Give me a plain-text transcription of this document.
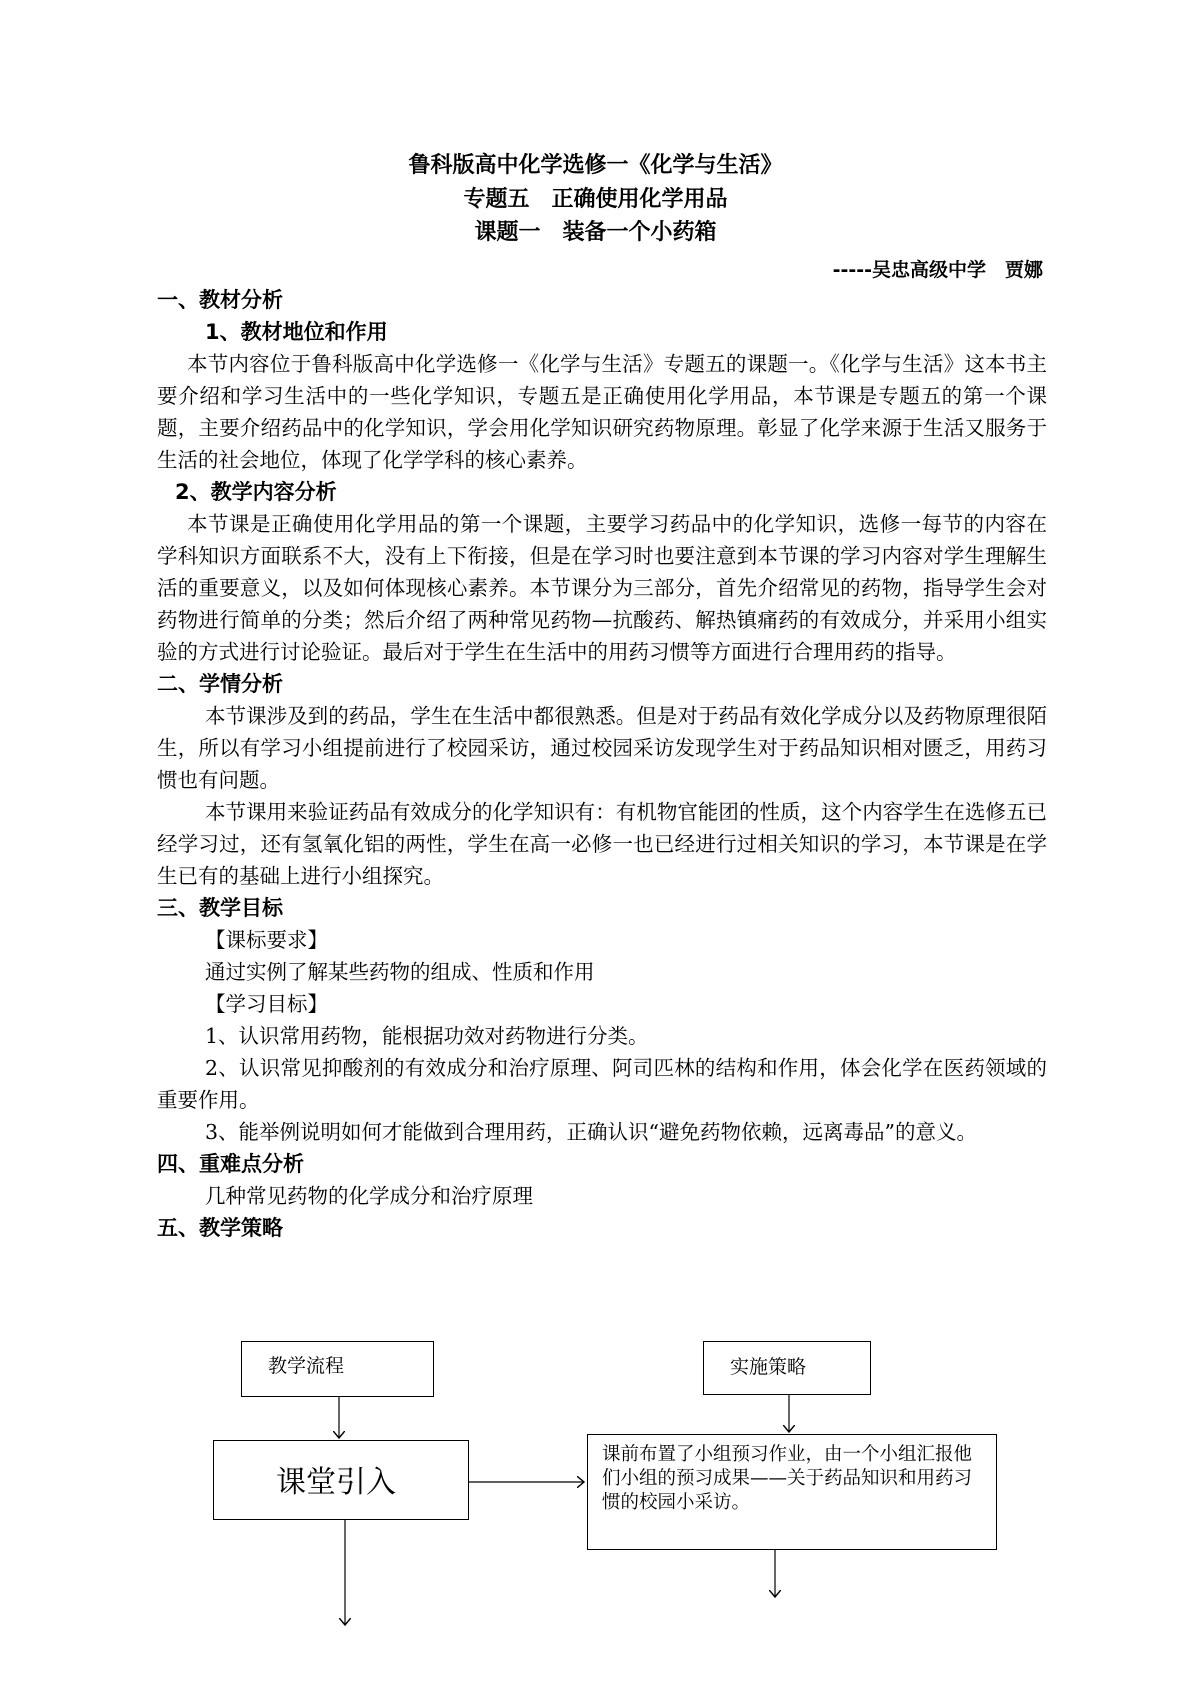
鲁科版高中化学选修一《化学与生活》
专题五　正确使用化学用品
课题一　装备一个小药箱
-----吴忠高级中学　贾娜

一、教材分析

1、教材地位和作用

本节内容位于鲁科版高中化学选修一《化学与生活》专题五的课题一。《化学与生活》这本书主要介绍和学习生活中的一些化学知识，专题五是正确使用化学用品，本节课是专题五的第一个课题，主要介绍药品中的化学知识，学会用化学知识研究药物原理。彰显了化学来源于生活又服务于生活的社会地位，体现了化学学科的核心素养。

2、教学内容分析

本节课是正确使用化学用品的第一个课题，主要学习药品中的化学知识，选修一每节的内容在学科知识方面联系不大，没有上下衔接，但是在学习时也要注意到本节课的学习内容对学生理解生活的重要意义，以及如何体现核心素养。本节课分为三部分，首先介绍常见的药物，指导学生会对药物进行简单的分类；然后介绍了两种常见药物—抗酸药、解热镇痛药的有效成分，并采用小组实验的方式进行讨论验证。最后对于学生在生活中的用药习惯等方面进行合理用药的指导。

二、学情分析

本节课涉及到的药品，学生在生活中都很熟悉。但是对于药品有效化学成分以及药物原理很陌生，所以有学习小组提前进行了校园采访，通过校园采访发现学生对于药品知识相对匮乏，用药习惯也有问题。

本节课用来验证药品有效成分的化学知识有：有机物官能团的性质，这个内容学生在选修五已经学习过，还有氢氧化铝的两性，学生在高一必修一也已经进行过相关知识的学习，本节课是在学生已有的基础上进行小组探究。

三、教学目标

【课标要求】

通过实例了解某些药物的组成、性质和作用

【学习目标】

1、认识常用药物，能根据功效对药物进行分类。

2、认识常见抑酸剂的有效成分和治疗原理、阿司匹林的结构和作用，体会化学在医药领域的重要作用。

3、能举例说明如何才能做到合理用药，正确认识“避免药物依赖，远离毒品”的意义。

四、重难点分析

几种常见药物的化学成分和治疗原理

五、教学策略

教学流程	实施策略
课堂引入
课前布置了小组预习作业，由一个小组汇报他们小组的预习成果——关于药品知识和用药习惯的校园小采访。
